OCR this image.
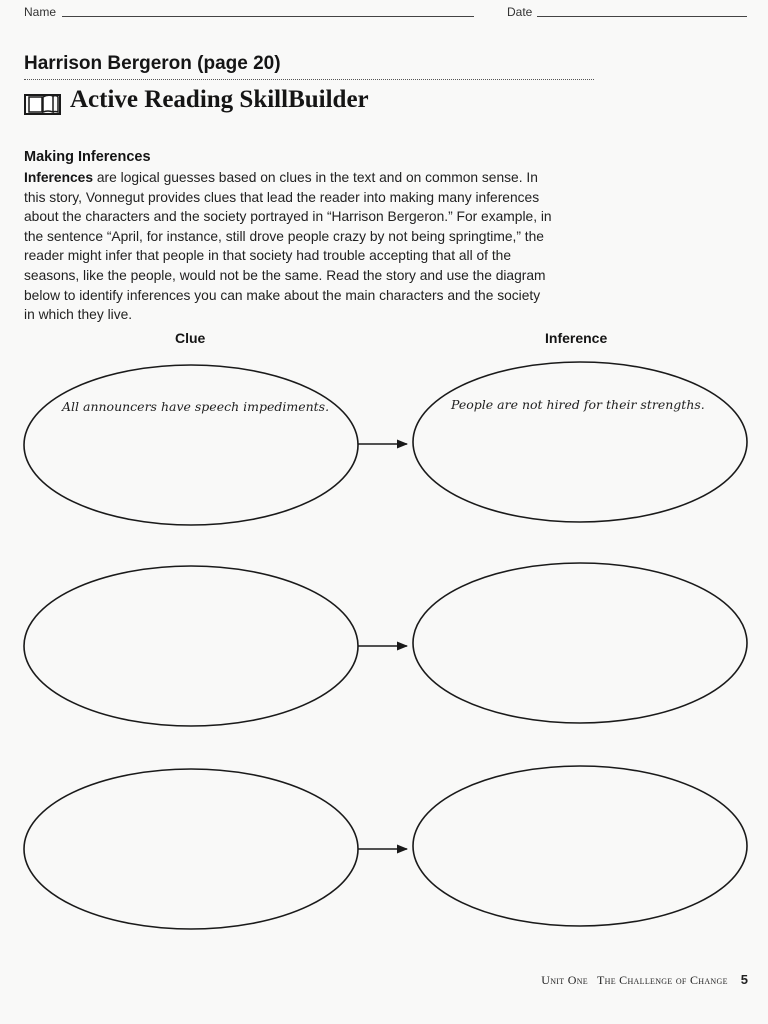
Name	Date
Harrison Bergeron (page 20)
Active Reading SkillBuilder
Making Inferences
Inferences are logical guesses based on clues in the text and on common sense. In
this story, Vonnegut provides clues that lead the reader into making many inferences
about the characters and the society portrayed in “Harrison Bergeron.” For example, in
the sentence “April, for instance, still drove people crazy by not being springtime,” the
reader might infer that people in that society had trouble accepting that all of the
seasons, like the people, would not be the same. Read the story and use the diagram
below to identify inferences you can make about the main characters and the society
in which they live.
Clue	Inference
All announcers have speech impediments.	People are not hired for their strengths.
Unit One The Challenge of Change 5
